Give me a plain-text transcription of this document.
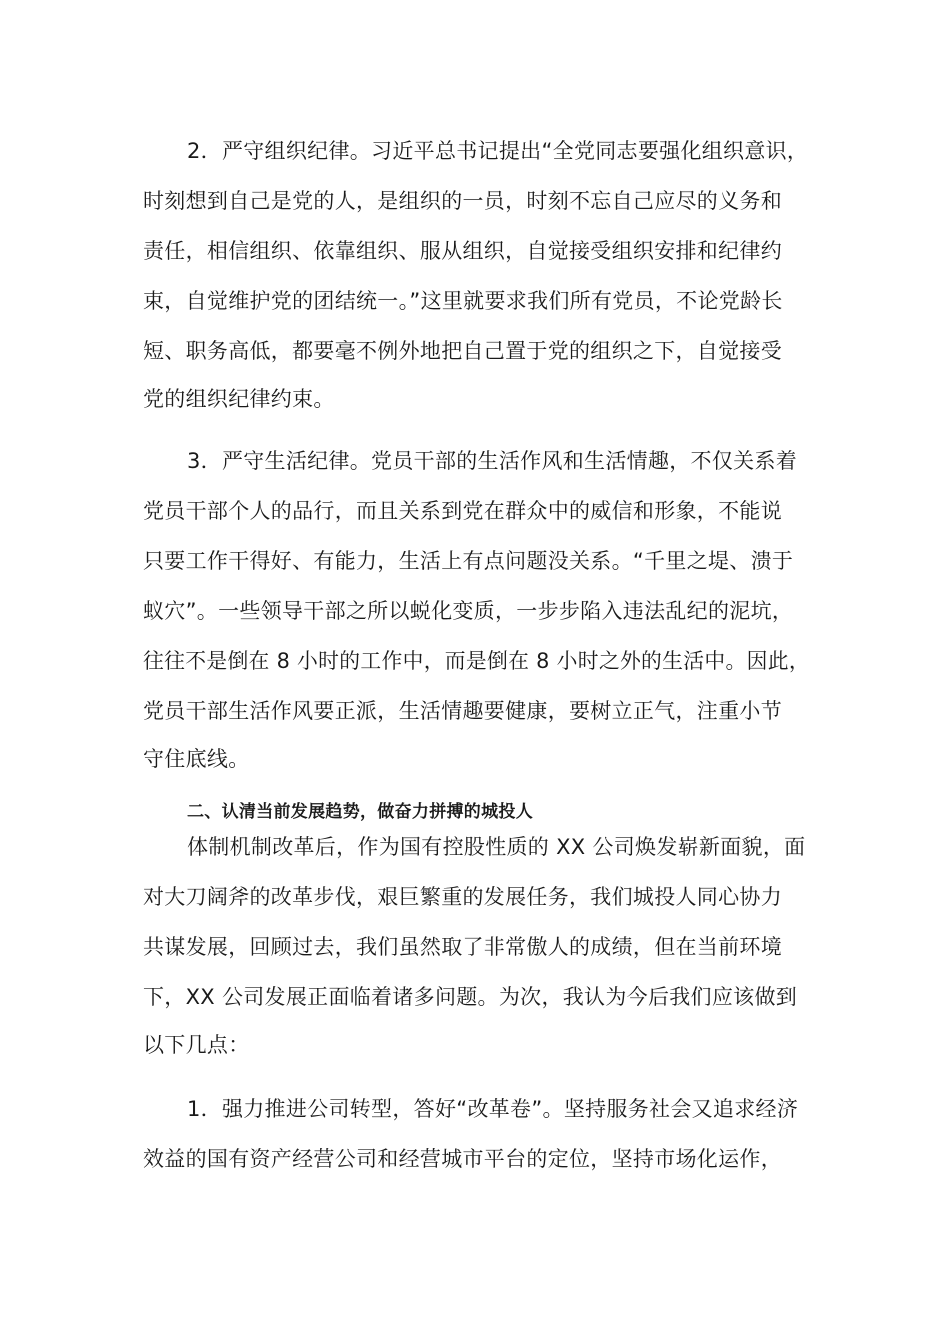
2．严守组织纪律。习近平总书记提出“全党同志要强化组织意识，
时刻想到自己是党的人，是组织的一员，时刻不忘自己应尽的义务和
责任，相信组织、依靠组织、服从组织，自觉接受组织安排和纪律约
束，自觉维护党的团结统一。”这里就要求我们所有党员，不论党龄长
短、职务高低，都要毫不例外地把自己置于党的组织之下，自觉接受
党的组织纪律约束。
3．严守生活纪律。党员干部的生活作风和生活情趣，不仅关系着
党员干部个人的品行，而且关系到党在群众中的威信和形象，不能说
只要工作干得好、有能力，生活上有点问题没关系。“千里之堤、溃于
蚁穴”。一些领导干部之所以蜕化变质，一步步陷入违法乱纪的泥坑，
往往不是倒在 8 小时的工作中，而是倒在 8 小时之外的生活中。因此，
党员干部生活作风要正派，生活情趣要健康，要树立正气，注重小节
守住底线。
二、认清当前发展趋势，做奋力拼搏的城投人
体制机制改革后，作为国有控股性质的 XX 公司焕发崭新面貌，面
对大刀阔斧的改革步伐，艰巨繁重的发展任务，我们城投人同心协力
共谋发展，回顾过去，我们虽然取了非常傲人的成绩，但在当前环境
下，XX 公司发展正面临着诸多问题。为次，我认为今后我们应该做到
以下几点：
1．强力推进公司转型，答好“改革卷”。坚持服务社会又追求经济
效益的国有资产经营公司和经营城市平台的定位，坚持市场化运作，
